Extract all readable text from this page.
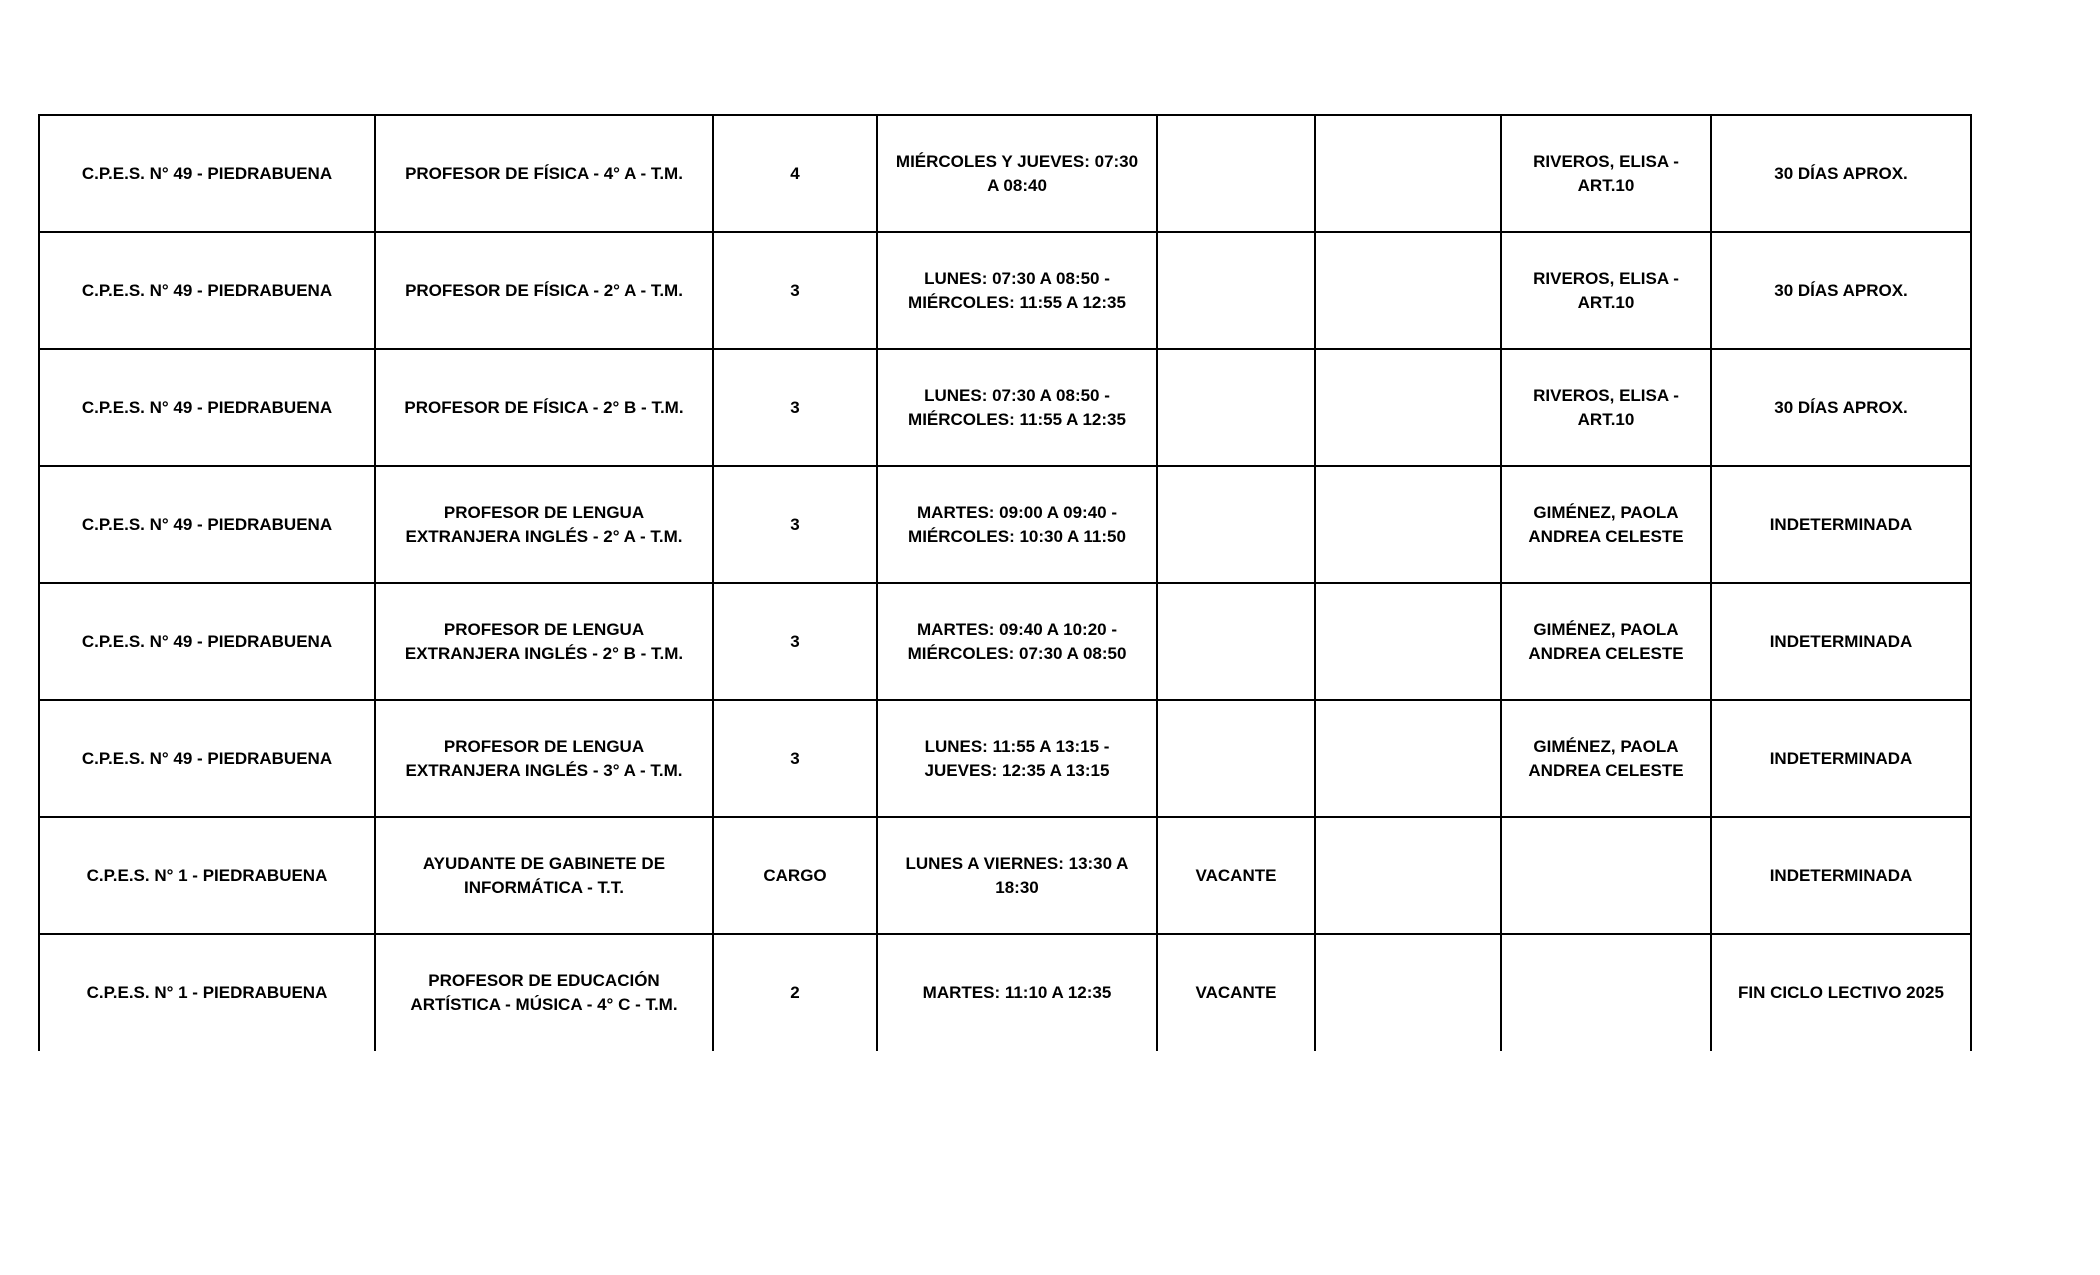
C.P.E.S. N° 49 - PIEDRABUENA	PROFESOR DE FÍSICA - 4° A - T.M.	4	MIÉRCOLES Y JUEVES: 07:30 A 08:40			RIVEROS, ELISA - ART.10	30 DÍAS APROX.
C.P.E.S. N° 49 - PIEDRABUENA	PROFESOR DE FÍSICA - 2° A - T.M.	3	LUNES: 07:30 A 08:50 - MIÉRCOLES: 11:55 A 12:35			RIVEROS, ELISA - ART.10	30 DÍAS APROX.
C.P.E.S. N° 49 - PIEDRABUENA	PROFESOR DE FÍSICA - 2° B - T.M.	3	LUNES: 07:30 A 08:50 - MIÉRCOLES: 11:55 A 12:35			RIVEROS, ELISA - ART.10	30 DÍAS APROX.
C.P.E.S. N° 49 - PIEDRABUENA	PROFESOR DE LENGUA EXTRANJERA INGLÉS - 2° A - T.M.	3	MARTES: 09:00 A 09:40 - MIÉRCOLES: 10:30 A 11:50			GIMÉNEZ, PAOLA ANDREA CELESTE	INDETERMINADA
C.P.E.S. N° 49 - PIEDRABUENA	PROFESOR DE LENGUA EXTRANJERA INGLÉS - 2° B - T.M.	3	MARTES: 09:40 A 10:20 - MIÉRCOLES: 07:30 A 08:50			GIMÉNEZ, PAOLA ANDREA CELESTE	INDETERMINADA
C.P.E.S. N° 49 - PIEDRABUENA	PROFESOR DE LENGUA EXTRANJERA INGLÉS - 3° A - T.M.	3	LUNES: 11:55 A 13:15 - JUEVES: 12:35 A 13:15			GIMÉNEZ, PAOLA ANDREA CELESTE	INDETERMINADA
C.P.E.S. N° 1 - PIEDRABUENA	AYUDANTE DE GABINETE DE INFORMÁTICA - T.T.	CARGO	LUNES A VIERNES: 13:30 A 18:30	VACANTE			INDETERMINADA
C.P.E.S. N° 1 - PIEDRABUENA	PROFESOR DE EDUCACIÓN ARTÍSTICA - MÚSICA - 4° C - T.M.	2	MARTES: 11:10 A 12:35	VACANTE			FIN CICLO LECTIVO 2025
